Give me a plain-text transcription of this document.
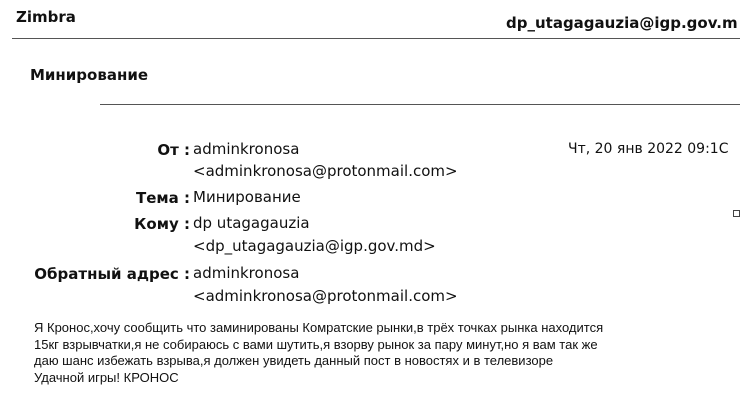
Zimbra	dp_utagagauzia@igp.gov.m
Минирование
От : adminkronosa
<adminkronosa@protonmail.com>
Чт, 20 янв 2022 09:1С
Тема : Минирование
Кому : dp utagagauzia
<dp_utagagauzia@igp.gov.md>
Обратный адрес : adminkronosa
<adminkronosa@protonmail.com>
Я Кронос,хочу сообщить что заминированы Комратские рынки,в трёх точках рынка находится
15кг взрывчатки,я не собираюсь с вами шутить,я взорву рынок за пару минут,но я вам так же
даю шанс избежать взрыва,я должен увидеть данный пост в новостях и в телевизоре
Удачной игры! КРОНОС
